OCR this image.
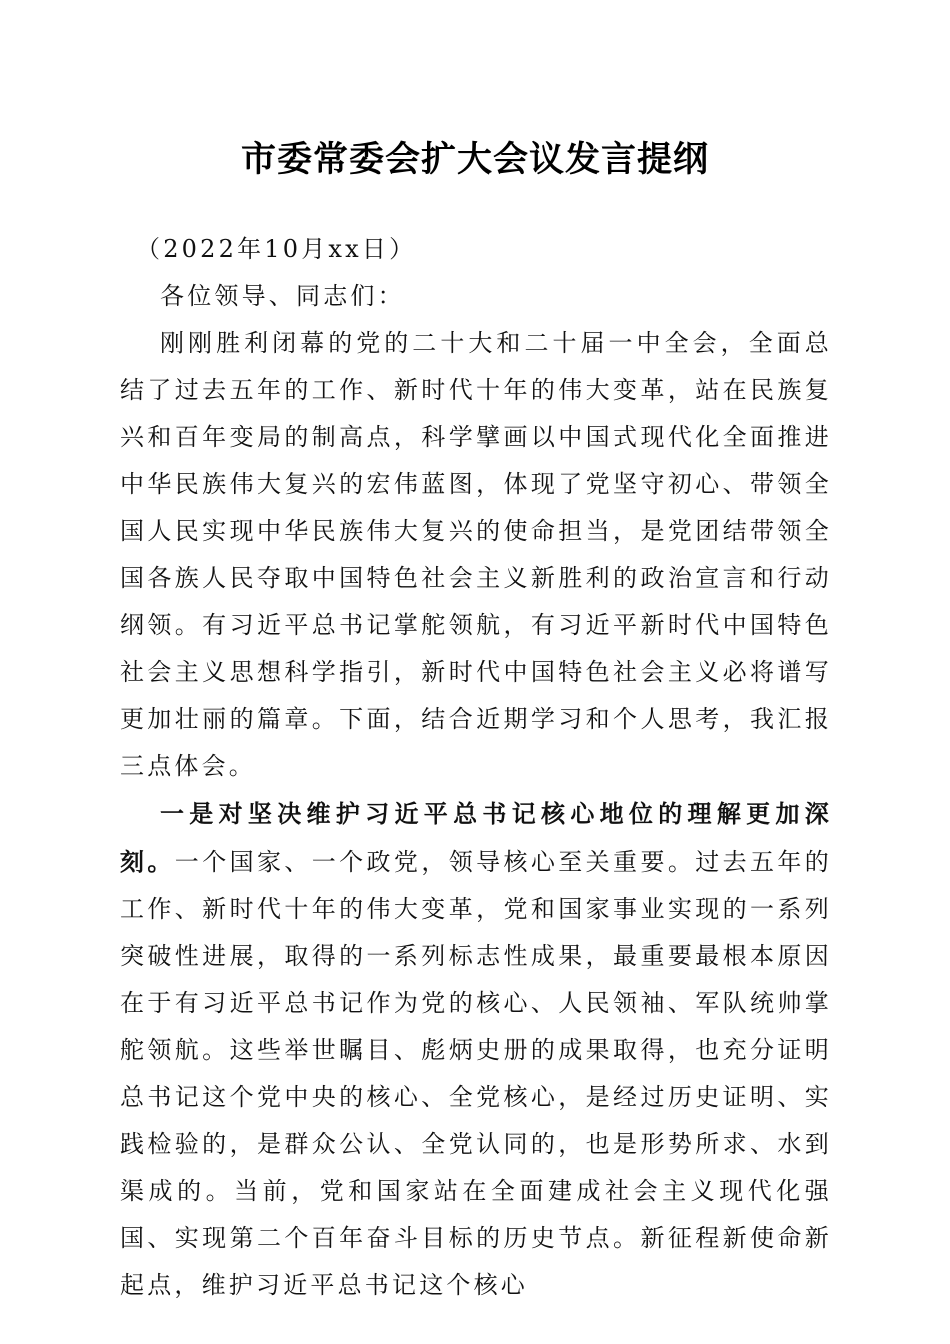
市委常委会扩大会议发言提纲

（2022年10月xx日）

各位领导、同志们：

刚刚胜利闭幕的党的二十大和二十届一中全会，全面总结了过去五年的工作、新时代十年的伟大变革，站在民族复兴和百年变局的制高点，科学擘画以中国式现代化全面推进中华民族伟大复兴的宏伟蓝图，体现了党坚守初心、带领全国人民实现中华民族伟大复兴的使命担当，是党团结带领全国各族人民夺取中国特色社会主义新胜利的政治宣言和行动纲领。有习近平总书记掌舵领航，有习近平新时代中国特色社会主义思想科学指引，新时代中国特色社会主义必将谱写更加壮丽的篇章。下面，结合近期学习和个人思考，我汇报三点体会。

一是对坚决维护习近平总书记核心地位的理解更加深刻。一个国家、一个政党，领导核心至关重要。过去五年的工作、新时代十年的伟大变革，党和国家事业实现的一系列突破性进展，取得的一系列标志性成果，最重要最根本原因在于有习近平总书记作为党的核心、人民领袖、军队统帅掌舵领航。这些举世瞩目、彪炳史册的成果取得，也充分证明总书记这个党中央的核心、全党核心，是经过历史证明、实践检验的，是群众公认、全党认同的，也是形势所求、水到渠成的。当前，党和国家站在全面建成社会主义现代化强国、实现第二个百年奋斗目标的历史节点。新征程新使命新起点，维护习近平总书记这个核心
